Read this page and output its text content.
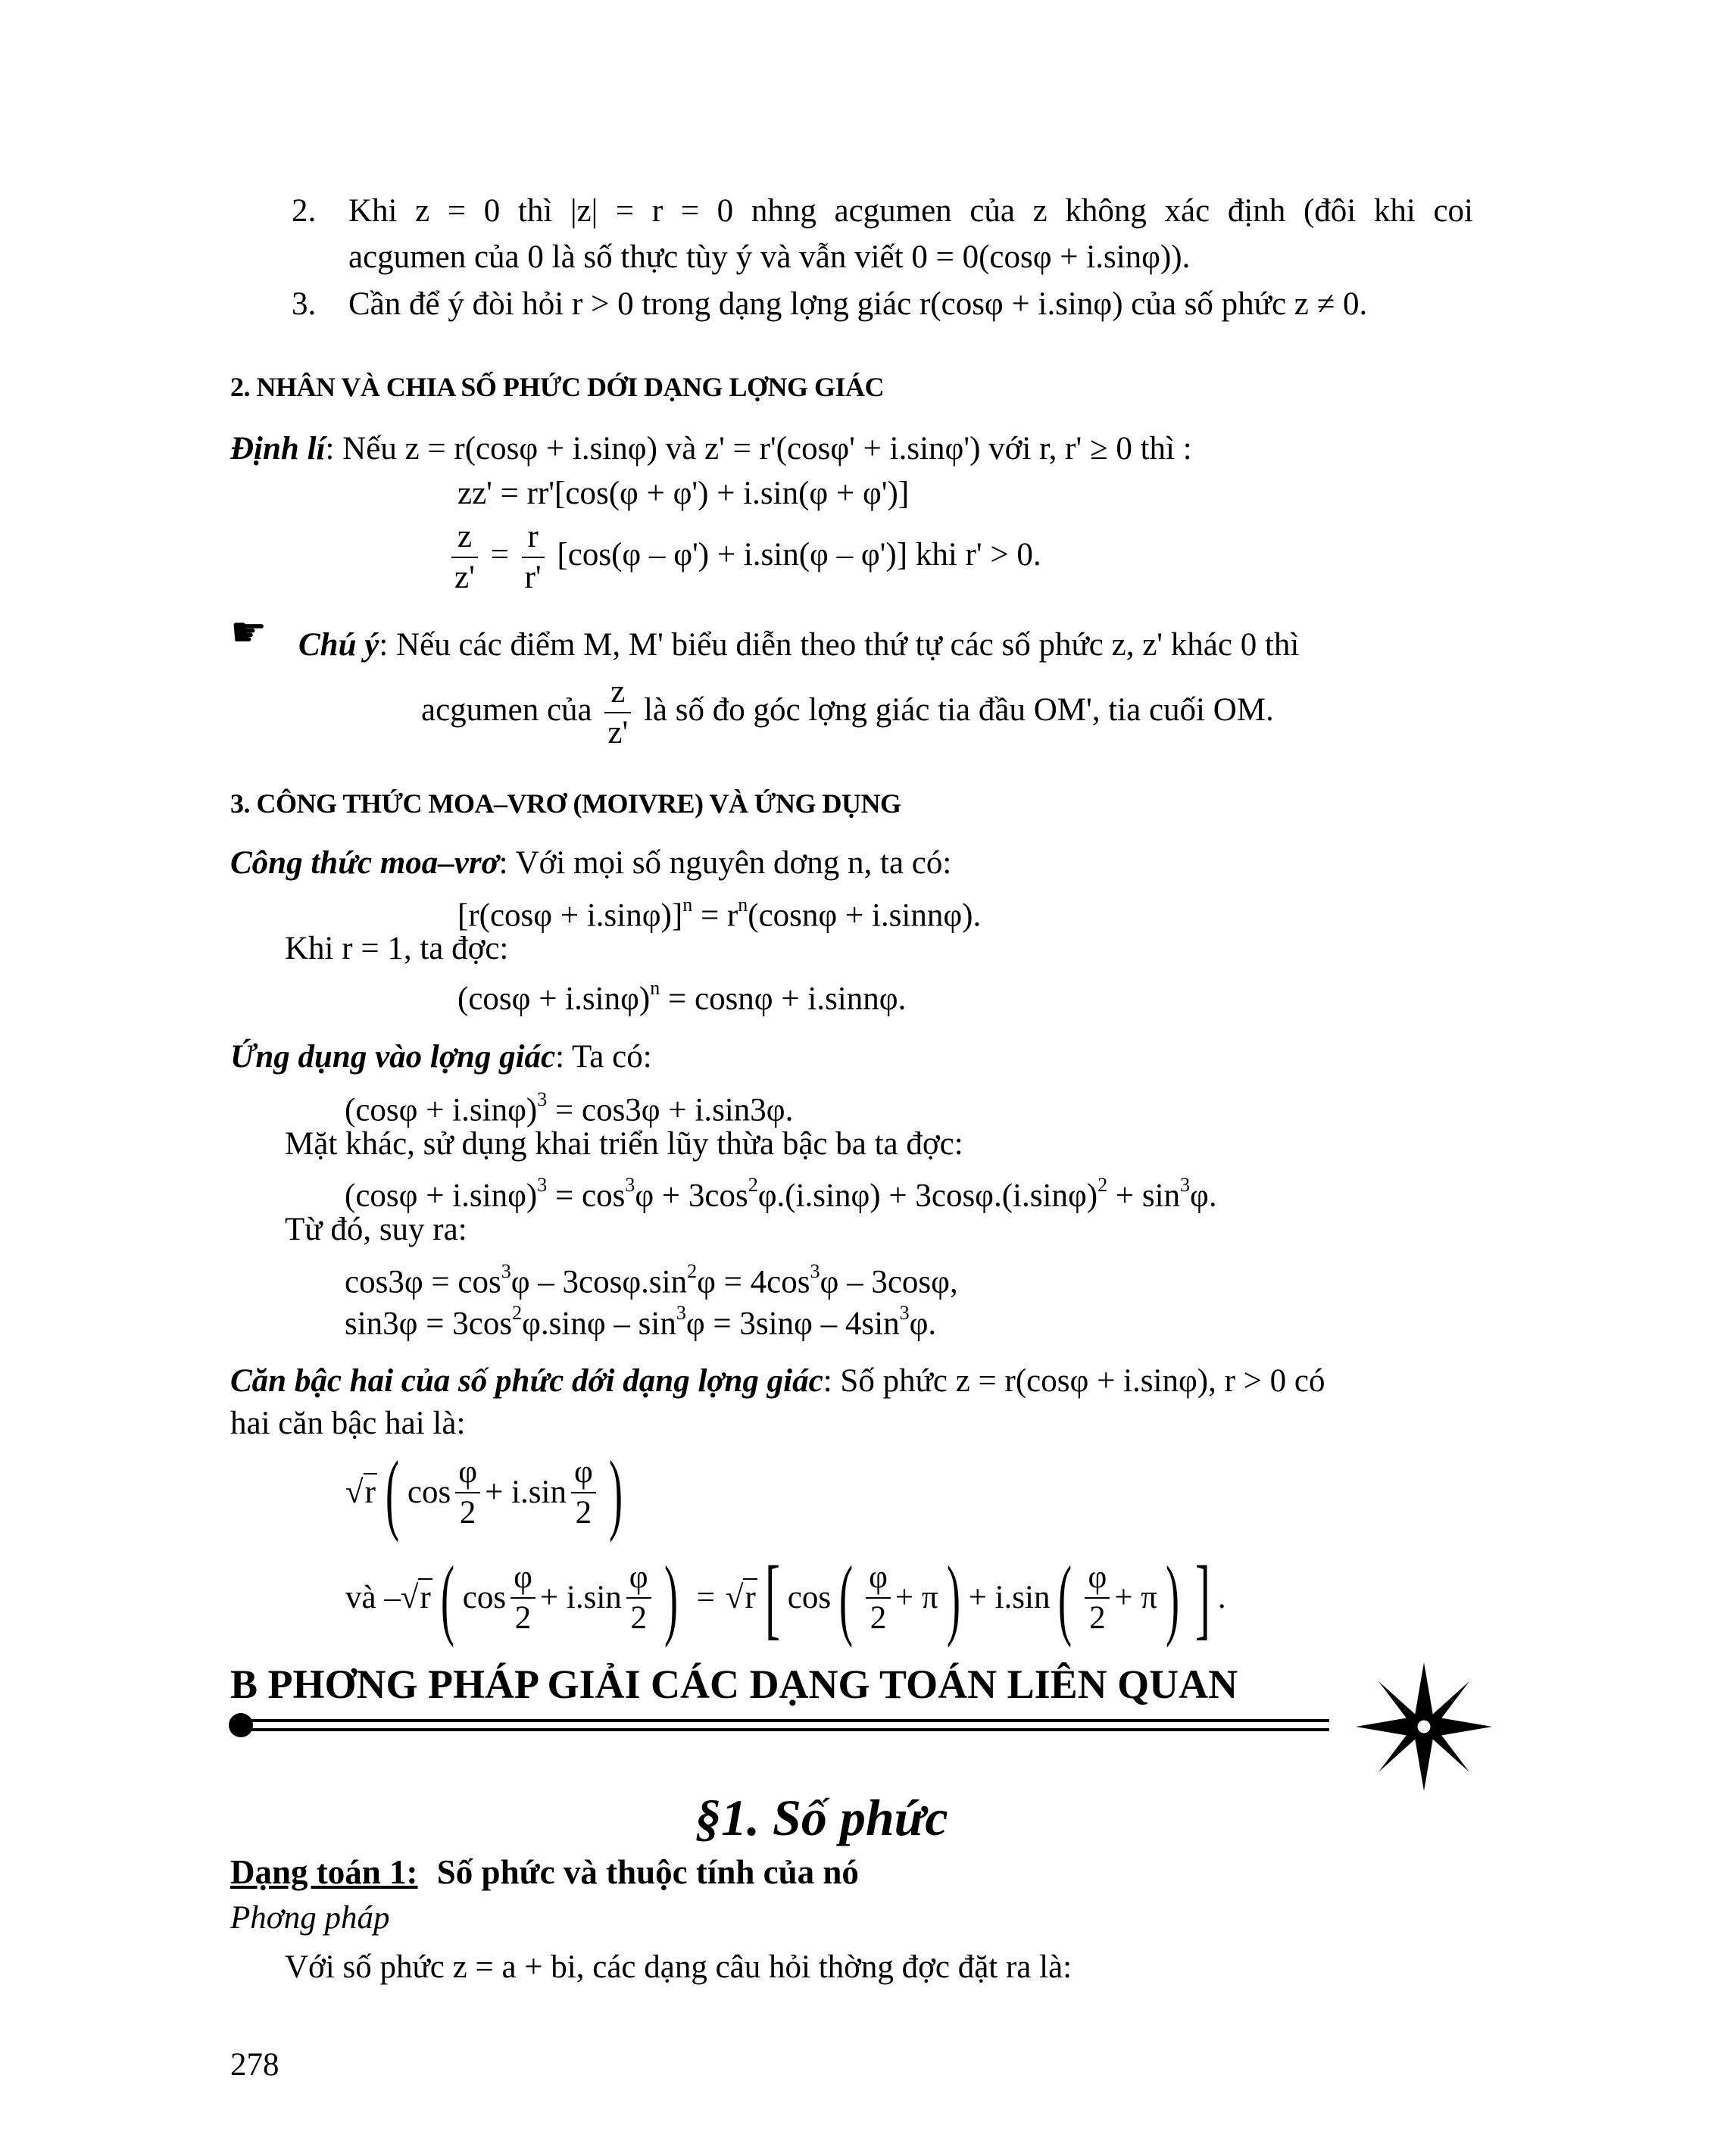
2. Khi z = 0 thì |z| = r = 0 nhng acgumen của z không xác định (đôi khi coi
acgumen của 0 là số thực tùy ý và vẫn viết 0 = 0(cosφ + i.sinφ)).
3. Cần để ý đòi hỏi r > 0 trong dạng lợng giác r(cosφ + i.sinφ) của số phức z ≠ 0.
2. NHÂN VÀ CHIA SỐ PHỨC DỚI DẠNG LỢNG GIÁC
Định lí: Nếu z = r(cosφ + i.sinφ) và z' = r'(cosφ' + i.sinφ') với r, r' ≥ 0 thì :
zz' = rr'[cos(φ + φ') + i.sin(φ + φ')]
$\frac{z}{z'} = \frac{r}{r'} [\cos(\varphi - \varphi') + i.\sin(\varphi - \varphi')]$ khi r' > 0.
☛ Chú ý: Nếu các điểm M, M' biểu diễn theo thứ tự các số phức z, z' khác 0 thì
acgumen của $\frac{z}{z'}$ là số đo góc lợng giác tia đầu OM', tia cuối OM.
3. CÔNG THỨC MOA–VRƠ (MOIVRE) VÀ ỨNG DỤNG
Công thức moa–vrơ: Với mọi số nguyên dơng n, ta có:
$[r(\cos\varphi + i.\sin\varphi)]^n = r^n(\cos n\varphi + i.\sin n\varphi)$.
Khi r = 1, ta đợc:
$(\cos\varphi + i.\sin\varphi)^n = \cos n\varphi + i.\sin n\varphi$.
Ứng dụng vào lợng giác: Ta có:
$(\cos\varphi + i.\sin\varphi)^3 = \cos 3\varphi + i.\sin 3\varphi$.
Mặt khác, sử dụng khai triển lũy thừa bậc ba ta đợc:
$(\cos\varphi + i.\sin\varphi)^3 = \cos^3\varphi + 3\cos^2\varphi.(i.\sin\varphi) + 3\cos\varphi.(i.\sin\varphi)^2 + \sin^3\varphi$.
Từ đó, suy ra:
$\cos 3\varphi = \cos^3\varphi - 3\cos\varphi.\sin^2\varphi = 4\cos^3\varphi - 3\cos\varphi$,
$\sin 3\varphi = 3\cos^2\varphi.\sin\varphi - \sin^3\varphi = 3\sin\varphi - 4\sin^3\varphi$.
Căn bậc hai của số phức dới dạng lợng giác: Số phức z = r(cosφ + i.sinφ), r > 0 có
hai căn bậc hai là:
√r ( $\cos \frac{\varphi}{2} + i.\sin \frac{\varphi}{2}$ )
và – √r ( $\cos \frac{\varphi}{2} + i.\sin \frac{\varphi}{2}$ ) = √r [ cos ( $\frac{\varphi}{2} + \pi$ ) + i.sin ( $\frac{\varphi}{2} + \pi$ ) ] .
B PHƠNG PHÁP GIẢI CÁC DẠNG TOÁN LIÊN QUAN
§1. Số phức
Dạng toán 1: Số phức và thuộc tính của nó
Phơng pháp
Với số phức z = a + bi, các dạng câu hỏi thờng đợc đặt ra là:
278
